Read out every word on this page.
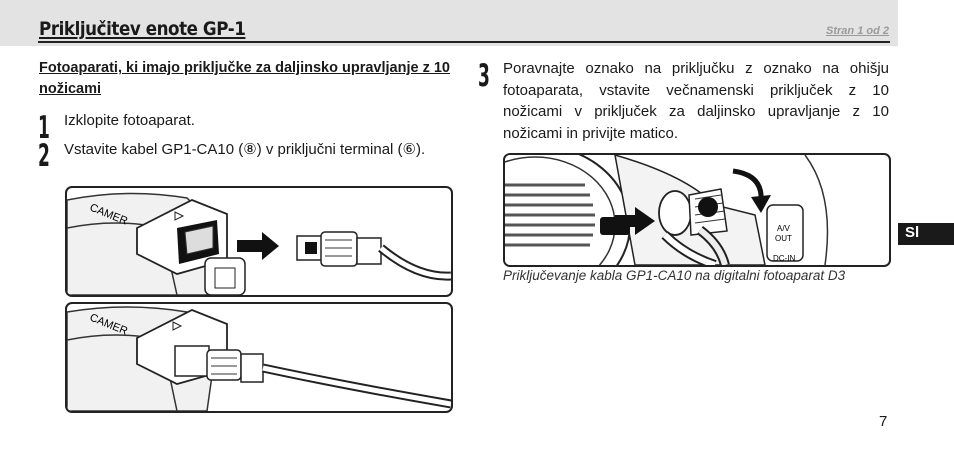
Priključitev enote GP-1	Stran 1 od 2
Fotoaparati, ki imajo priključke za daljinsko upravljanje z 10 nožicami
1 Izklopite fotoaparat.
2 Vstavite kabel GP1-CA10 (⑧) v priključni terminal (⑥).
CAMER
CAMER
3 Poravnajte oznako na priključku z oznako na ohišju fotoaparata, vstavite večnamenski priključek z 10 nožicami v priključek za daljinsko upravljanje z 10 nožicami in privijte matico.
A/V
OUT
DC-IN
Priključevanje kabla GP1-CA10 na digitalni fotoaparat D3
Sl
7
